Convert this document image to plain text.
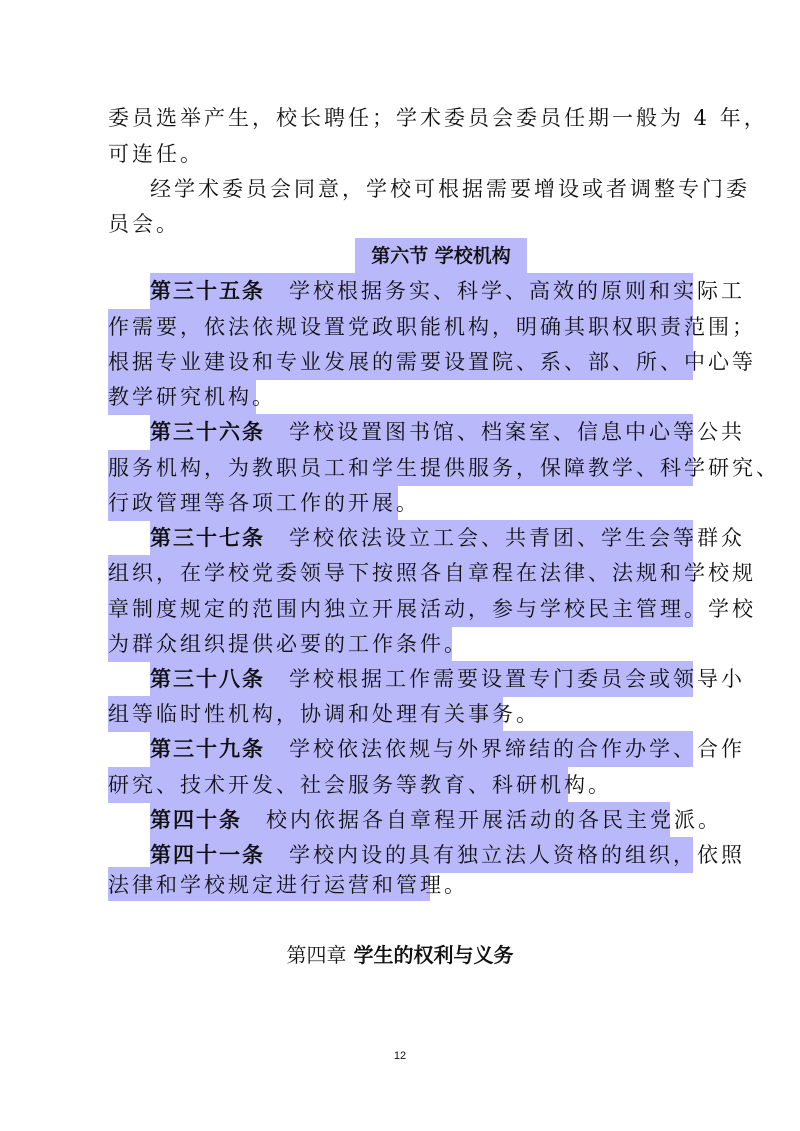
委员选举产生，校长聘任；学术委员会委员任期一般为 4 年，
可连任。
经学术委员会同意，学校可根据需要增设或者调整专门委
员会。
第六节 学校机构
第三十五条 学校根据务实、科学、高效的原则和实际工
作需要，依法依规设置党政职能机构，明确其职权职责范围；
根据专业建设和专业发展的需要设置院、系、部、所、中心等
教学研究机构。
第三十六条 学校设置图书馆、档案室、信息中心等公共
服务机构，为教职员工和学生提供服务，保障教学、科学研究、
行政管理等各项工作的开展。
第三十七条 学校依法设立工会、共青团、学生会等群众
组织，在学校党委领导下按照各自章程在法律、法规和学校规
章制度规定的范围内独立开展活动，参与学校民主管理。学校
为群众组织提供必要的工作条件。
第三十八条 学校根据工作需要设置专门委员会或领导小
组等临时性机构，协调和处理有关事务。
第三十九条 学校依法依规与外界缔结的合作办学、合作
研究、技术开发、社会服务等教育、科研机构。
第四十条 校内依据各自章程开展活动的各民主党派。
第四十一条 学校内设的具有独立法人资格的组织，依照
法律和学校规定进行运营和管理。
第四章 学生的权利与义务
12
